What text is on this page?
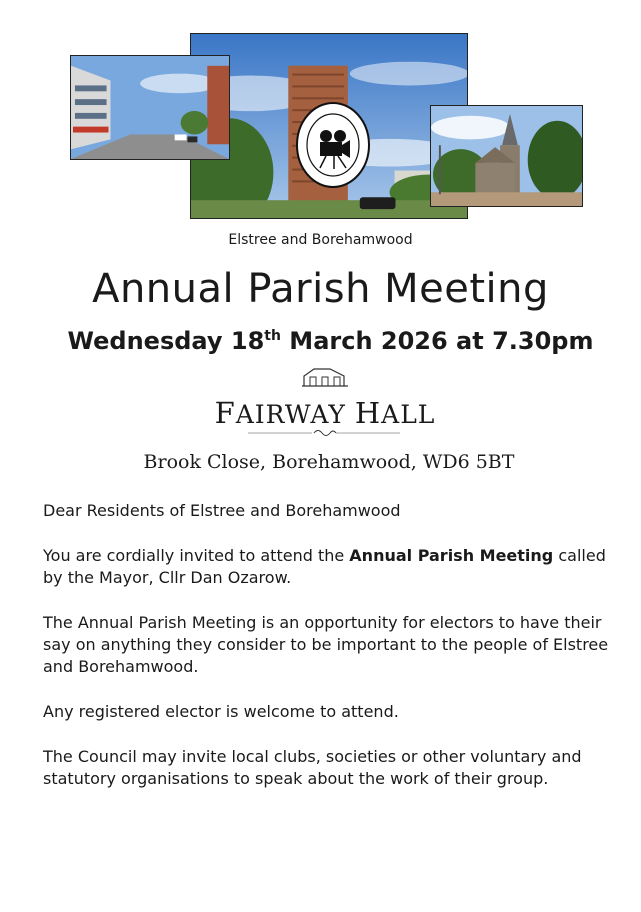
Elstree and Borehamwood
Annual Parish Meeting
Wednesday 18th March 2026 at 7.30pm
FAIRWAY HALL
Brook Close, Borehamwood, WD6 5BT

Dear Residents of Elstree and Borehamwood

You are cordially invited to attend the Annual Parish Meeting called by the Mayor, Cllr Dan Ozarow.

The Annual Parish Meeting is an opportunity for electors to have their say on anything they consider to be important to the people of Elstree and Borehamwood.

Any registered elector is welcome to attend.

The Council may invite local clubs, societies or other voluntary and statutory organisations to speak about the work of their group.
